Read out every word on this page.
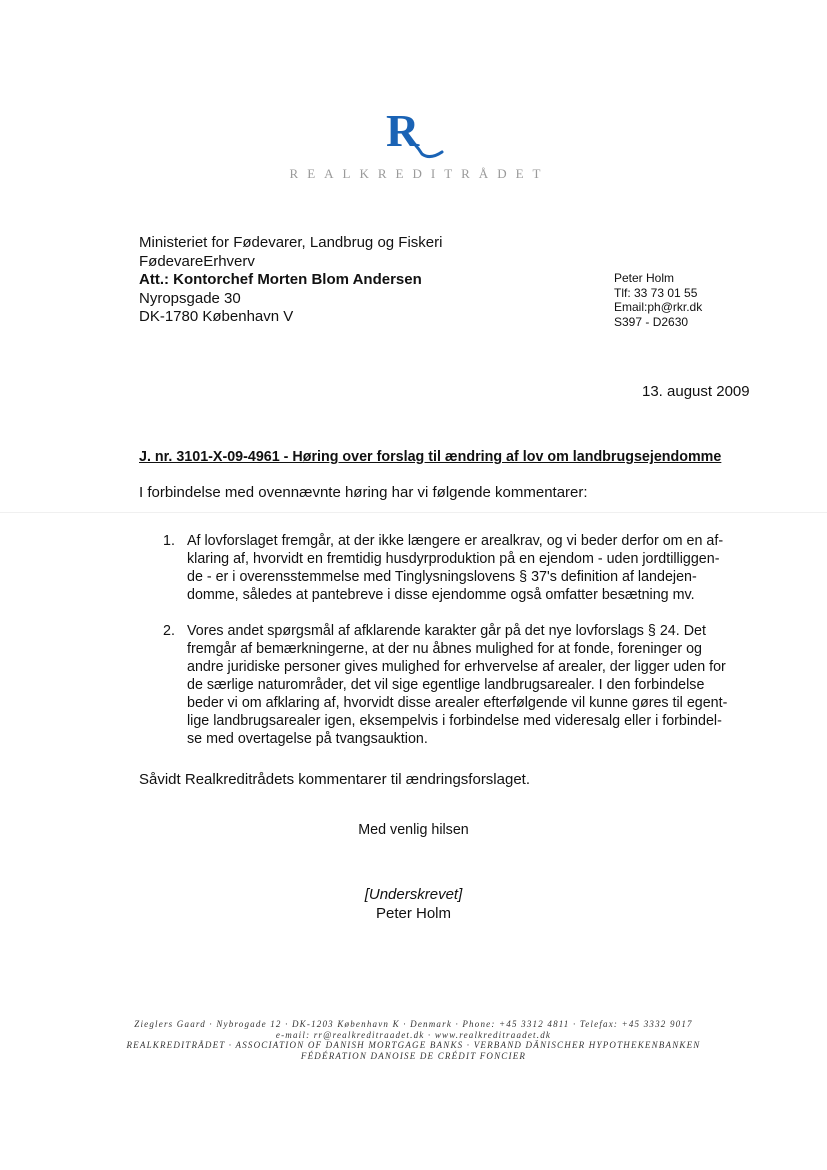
R
REALKREDITRÅDET
Ministeriet for Fødevarer, Landbrug og Fiskeri
FødevareErhverv
Att.: Kontorchef Morten Blom Andersen
Nyropsgade 30
DK-1780 København V
Peter Holm
Tlf: 33 73 01 55
Email:ph@rkr.dk
S397 - D2630
13. august 2009
J. nr. 3101-X-09-4961 - Høring over forslag til ændring af lov om landbrugsejendomme
I forbindelse med ovennævnte høring har vi følgende kommentarer:
1. Af lovforslaget fremgår, at der ikke længere er arealkrav, og vi beder derfor om en af-
klaring af, hvorvidt en fremtidig husdyrproduktion på en ejendom - uden jordtilliggen-
de - er i overensstemmelse med Tinglysningslovens § 37's definition af landejen-
domme, således at pantebreve i disse ejendomme også omfatter besætning mv.
2. Vores andet spørgsmål af afklarende karakter går på det nye lovforslags § 24. Det
fremgår af bemærkningerne, at der nu åbnes mulighed for at fonde, foreninger og
andre juridiske personer gives mulighed for erhvervelse af arealer, der ligger uden for
de særlige naturområder, det vil sige egentlige landbrugsarealer. I den forbindelse
beder vi om afklaring af, hvorvidt disse arealer efterfølgende vil kunne gøres til egent-
lige landbrugsarealer igen, eksempelvis i forbindelse med videresalg eller i forbindel-
se med overtagelse på tvangsauktion.
Såvidt Realkreditrådets kommentarer til ændringsforslaget.
Med venlig hilsen
[Underskrevet]
Peter Holm
Zieglers Gaard · Nybrogade 12 · DK-1203 København K · Denmark · Phone: +45 3312 4811 · Telefax: +45 3332 9017
e-mail: rr@realkreditraadet.dk · www.realkreditraadet.dk
REALKREDITRÅDET · ASSOCIATION OF DANISH MORTGAGE BANKS · VERBAND DÄNISCHER HYPOTHEKENBANKEN
FÉDÉRATION DANOISE DE CRÉDIT FONCIER
